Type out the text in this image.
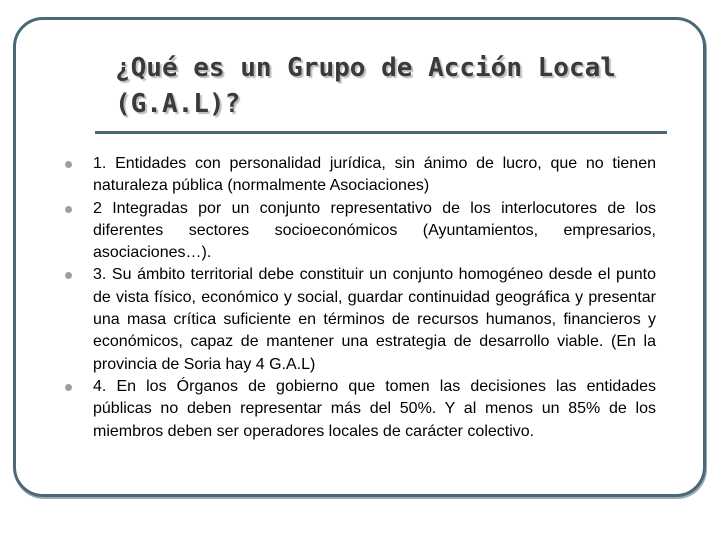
¿Qué es un Grupo de Acción Local (G.A.L)?
1. Entidades con personalidad jurídica, sin ánimo de lucro, que no tienen naturaleza pública (normalmente Asociaciones)
2 Integradas por un conjunto representativo de los interlocutores de los diferentes sectores socioeconómicos (Ayuntamientos, empresarios, asociaciones…).
3. Su ámbito territorial debe constituir un conjunto homogéneo desde el punto de vista físico, económico y social, guardar continuidad geográfica y presentar una masa crítica suficiente en términos de recursos humanos, financieros y económicos, capaz de mantener una estrategia de desarrollo viable. (En la provincia de Soria hay 4 G.A.L)
4. En los Órganos de gobierno que tomen las decisiones las entidades públicas no deben representar más del 50%. Y al menos un 85% de los miembros deben ser operadores locales de carácter colectivo.
